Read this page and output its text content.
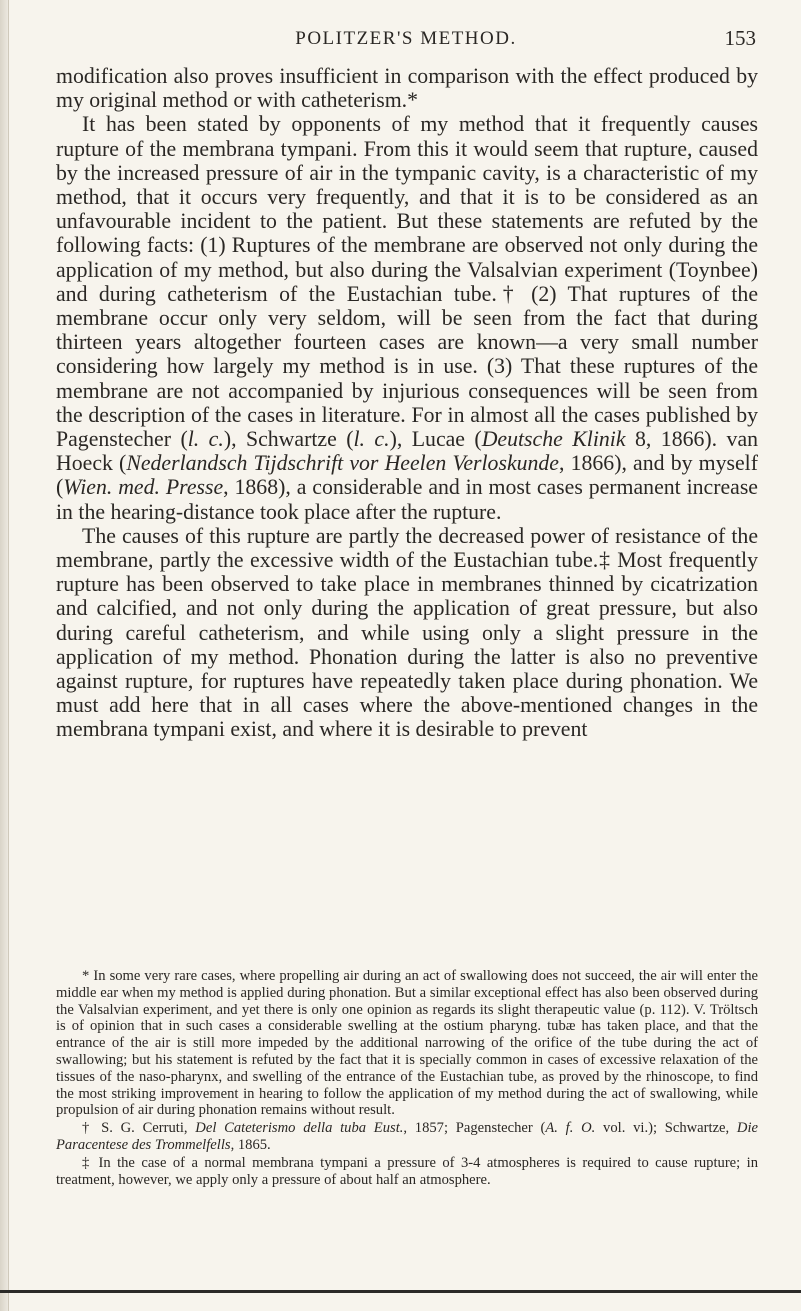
POLITZER'S METHOD.	153

modification also proves insufficient in comparison with the effect produced by my original method or with catheterism.*

It has been stated by opponents of my method that it frequently causes rupture of the membrana tympani. From this it would seem that rupture, caused by the increased pressure of air in the tympanic cavity, is a characteristic of my method, that it occurs very frequently, and that it is to be considered as an unfavourable incident to the patient. But these statements are refuted by the following facts: (1) Ruptures of the membrane are observed not only during the application of my method, but also during the Valsalvian experiment (Toynbee) and during catheterism of the Eustachian tube.† (2) That ruptures of the membrane occur only very seldom, will be seen from the fact that during thirteen years altogether fourteen cases are known—a very small number considering how largely my method is in use. (3) That these ruptures of the membrane are not accompanied by injurious consequences will be seen from the description of the cases in literature. For in almost all the cases published by Pagenstecher (l. c.), Schwartze (l. c.), Lucae (Deutsche Klinik 8, 1866). van Hoeck (Nederlandsch Tijdschrift vor Heelen Verloskunde, 1866), and by myself (Wien. med. Presse, 1868), a considerable and in most cases permanent increase in the hearing-distance took place after the rupture.

The causes of this rupture are partly the decreased power of resistance of the membrane, partly the excessive width of the Eustachian tube.‡ Most frequently rupture has been observed to take place in membranes thinned by cicatrization and calcified, and not only during the application of great pressure, but also during careful catheterism, and while using only a slight pressure in the application of my method. Phonation during the latter is also no preventive against rupture, for ruptures have repeatedly taken place during phonation. We must add here that in all cases where the above-mentioned changes in the membrana tympani exist, and where it is desirable to prevent

* In some very rare cases, where propelling air during an act of swallowing does not succeed, the air will enter the middle ear when my method is applied during phonation. But a similar exceptional effect has also been observed during the Valsalvian experiment, and yet there is only one opinion as regards its slight therapeutic value (p. 112). V. Tröltsch is of opinion that in such cases a considerable swelling at the ostium pharyng. tubæ has taken place, and that the entrance of the air is still more impeded by the additional narrowing of the orifice of the tube during the act of swallowing; but his statement is refuted by the fact that it is specially common in cases of excessive relaxation of the tissues of the naso-pharynx, and swelling of the entrance of the Eustachian tube, as proved by the rhinoscope, to find the most striking improvement in hearing to follow the application of my method during the act of swallowing, while propulsion of air during phonation remains without result.

† S. G. Cerruti, Del Cateterismo della tuba Eust., 1857; Pagenstecher (A. f. O. vol. vi.); Schwartze, Die Paracentese des Trommelfells, 1865.

‡ In the case of a normal membrana tympani a pressure of 3-4 atmospheres is required to cause rupture; in treatment, however, we apply only a pressure of about half an atmosphere.
